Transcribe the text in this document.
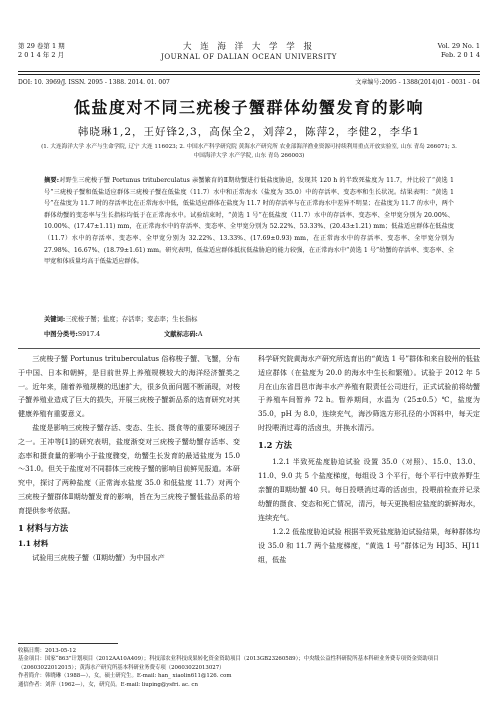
第 29 卷第 1 期
2 0 1 4 年 2 月
大 连 海 洋 大 学 学 报
JOURNAL OF DALIAN OCEAN UNIVERSITY
Vol. 29 No. 1
Feb. 2 0 1 4
DOI: 10. 3969/J. ISSN. 2095 - 1388. 2014. 01. 007	文章编号:2095 - 1388(2014)01 - 0031 - 04
低盐度对不同三疣梭子蟹群体幼蟹发育的影响
韩晓琳1,2，王好锋2,3，高保全2，刘萍2，陈萍2，李健2，李华1
(1. 大连海洋大学 水产与生命学院, 辽宁 大连 116023; 2. 中国水产科学研究院 黄海水产研究所 农业部海洋渔业资源可持续利用重点开放实验室, 山东 青岛 266071; 3. 中国海洋大学 水产学院, 山东 青岛 266003)
摘要:对野生三疣梭子蟹 Portunus trituberculatus 亲蟹繁育的Ⅱ期幼蟹进行低盐度胁迫，发现其 120 h 的半致死盐度为 11.7，并比较了“黄选 1 号”三疣梭子蟹和低盐适应群体三疣梭子蟹在低盐度（11.7）水中和正常海水（盐度为 35.0）中的存活率、变态率和生长状况。结果表明：“黄选 1 号”在盐度为 11.7 时的存活率比在正常海水中低，低盐适应群体在盐度为 11.7 时的存活率与在正常海水中差异不明显；在盐度为 11.7 的水中，两个群体幼蟹的变态率与生长指标均低于在正常海水中。试验结束时，“黄选 1 号”在低盐度（11.7）水中的存活率、变态率、全甲宽分别为 20.00%、10.00%、(17.47±1.11) mm，在正常海水中的存活率、变态率、全甲宽分别为 52.22%、53.33%、(20.43±1.21) mm；低盐适应群体在低盐度（11.7）水中的存活率、变态率、全甲宽分别为 32.22%、13.33%、(17.69±0.93) mm，在正常海水中的存活率、变态率、全甲宽分别为 27.98%、16.67%、(18.79±1.61) mm。研究表明，低盐适应群体抵抗低盐胁迫的能力较强，在正常海水中“黄选 1 号”幼蟹的存活率、变态率、全甲宽和体质量均高于低盐适应群体。
关键词:三疣梭子蟹；盐度；存活率；变态率；生长指标
中图分类号:S917.4	文献标志码:A

三疣梭子蟹 Portunus trituberculatus 俗称梭子蟹、飞蟹，分布于中国、日本和朝鲜，是目前世界上养殖规模较大的海洋经济蟹类之一。近年来，随着养殖规模的迅速扩大，很多负面问题不断涌现，对梭子蟹养殖业造成了巨大的损失，开展三疣梭子蟹新品系的选育研究对其健康养殖有重要意义。

盐度是影响三疣梭子蟹存活、变态、生长、摄食等的重要环境因子之一。王冲等[1]的研究表明，盐度渐变对三疣梭子蟹幼蟹存活率、变态率和摄食量的影响小于盐度骤变，幼蟹生长发育的最适盐度为 15.0～31.0。但关于盐度对不同群体三疣梭子蟹的影响目前鲜见报道。本研究中，探讨了两种盐度（正常海水盐度 35.0 和低盐度 11.7）对两个三疣梭子蟹群体Ⅱ期幼蟹发育的影响，旨在为三疣梭子蟹低盐品系的培育提供参考依据。

1 材料与方法
1.1 材料

试验用三疣梭子蟹（Ⅱ期幼蟹）为中国水产

科学研究院黄海水产研究所选育出的“黄选 1 号”群体和来自胶州的低盐适应群体（在盐度为 20.0 的海水中生长和繁殖）。试验于 2012 年 5 月在山东省昌邑市海丰水产养殖有限责任公司进行，正式试验前将幼蟹于养殖车间暂养 72 h。暂养期间，水温为（25±0.5）℃，盐度为 35.0，pH 为 8.0，连续充气，海沙筛选方形孔径的小饵料中，每天定时投喂消过毒的活卤虫，并换水清污。

1.2 方法

1.2.1 半致死盐度胁迫试验 设置 35.0（对照）、15.0、13.0、11.0、9.0 共 5 个盐度梯度，每组设 3 个平行，每个平行中放养野生亲蟹的Ⅱ期幼蟹 40 只。每日投喂消过毒的活卤虫，投喂前检查并记录幼蟹的摄食、变态和死亡情况，清污，每天更换相应盐度的新鲜海水，连续充气。

1.2.2 低盐度胁迫试验 根据半致死盐度胁迫试验结果，每种群体均设 35.0 和 11.7 两个盐度梯度，“黄选 1 号”群体记为 HJ35、HJ11 组，低盐

收稿日期：2013-05-12
基金项目：国家“863”计划项目（2012AA10A409）；科技部农业科技成果转化资金资助项目（2013GB23260589）；中央级公益性科研院所基本科研业务费专项资金资助项目（20603022012015）；黄海水产研究所基本科研业务费专项（20603022013027）
作者简介：韩晓琳（1988—），女，硕士研究生。E-mail: han_ xiaolin611@126. com
通信作者：刘萍（1962—），女，研究员。E-mail: liuping@ysfri. ac. cn
